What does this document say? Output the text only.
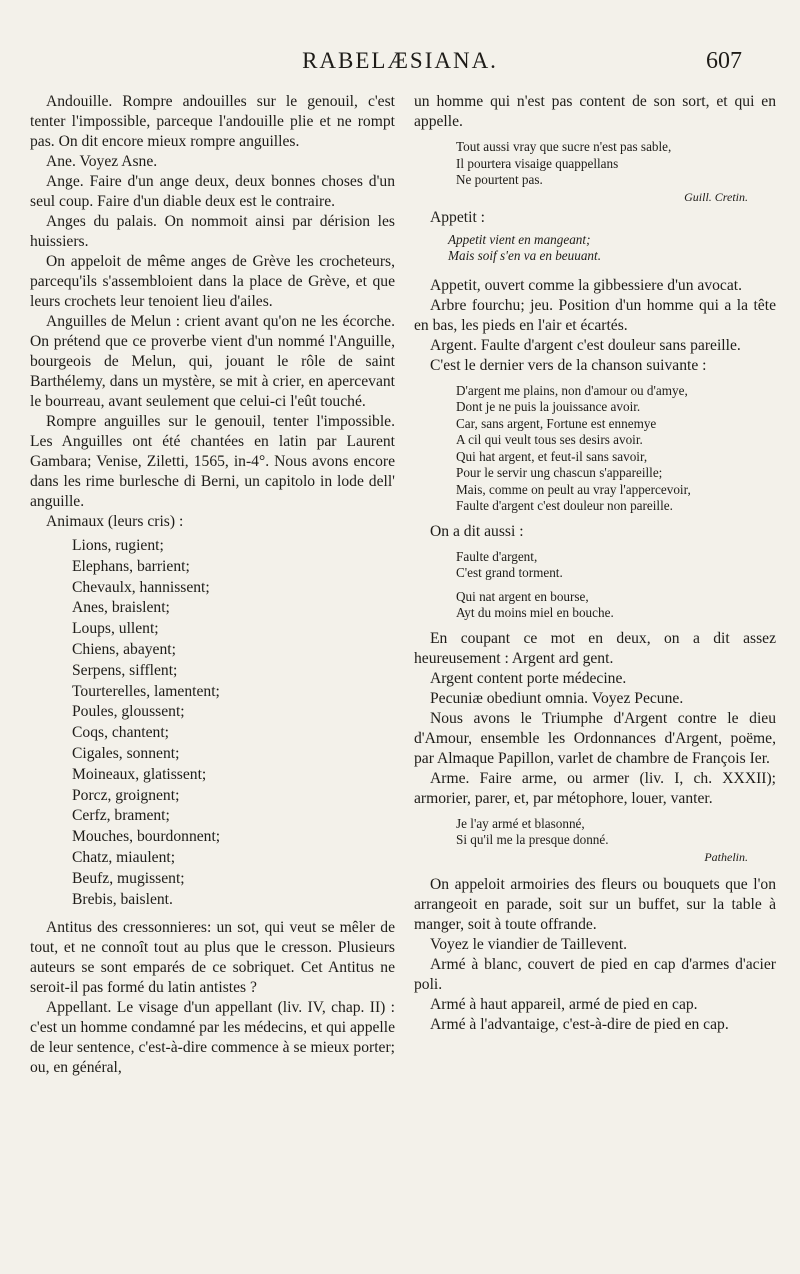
RABELÆSIANA.	607

Andouille. Rompre andouilles sur le genouil, c'est tenter l'impossible, parceque l'andouille plie et ne rompt pas. On dit encore mieux rompre anguilles.

Ane. Voyez Asne.

Ange. Faire d'un ange deux, deux bonnes choses d'un seul coup. Faire d'un diable deux est le contraire.

Anges du palais. On nommoit ainsi par dérision les huissiers.

On appeloit de même anges de Grève les crocheteurs, parcequ'ils s'assembloient dans la place de Grève, et que leurs crochets leur tenoient lieu d'ailes.

Anguilles de Melun : crient avant qu'on ne les écorche. On prétend que ce proverbe vient d'un nommé l'Anguille, bourgeois de Melun, qui, jouant le rôle de saint Barthélemy, dans un mystère, se mit à crier, en apercevant le bourreau, avant seulement que celui-ci l'eût touché.

Rompre anguilles sur le genouil, tenter l'impossible. Les Anguilles ont été chantées en latin par Laurent Gambara; Venise, Ziletti, 1565, in-4°. Nous avons encore dans les rime burlesche di Berni, un capitolo in lode dell' anguille.

Animaux (leurs cris) :

Lions, rugient;
Elephans, barrient;
Chevaulx, hannissent;
Anes, braislent;
Loups, ullent;
Chiens, abayent;
Serpens, sifflent;
Tourterelles, lamentent;
Poules, gloussent;
Coqs, chantent;
Cigales, sonnent;
Moineaux, glatissent;
Porcz, groignent;
Cerfz, brament;
Mouches, bourdonnent;
Chatz, miaulent;
Beufz, mugissent;
Brebis, baislent.

Antitus des cressonnieres: un sot, qui veut se mêler de tout, et ne connoît tout au plus que le cresson. Plusieurs auteurs se sont emparés de ce sobriquet. Cet Antitus ne seroit-il pas formé du latin antistes ?

Appellant. Le visage d'un appellant (liv. IV, chap. II) : c'est un homme condamné par les médecins, et qui appelle de leur sentence, c'est-à-dire commence à se mieux porter; ou, en général,

un homme qui n'est pas content de son sort, et qui en appelle.

Tout aussi vray que sucre n'est pas sable,
Il pourtera visaige quappellans
Ne pourtent pas.
Guill. Cretin.

Appetit :

Appetit vient en mangeant;
Mais soif s'en va en beuuant.

Appetit, ouvert comme la gibbessiere d'un avocat.

Arbre fourchu; jeu. Position d'un homme qui a la tête en bas, les pieds en l'air et écartés.

Argent. Faulte d'argent c'est douleur sans pareille.

C'est le dernier vers de la chanson suivante :

D'argent me plains, non d'amour ou d'amye,
Dont je ne puis la jouissance avoir.
Car, sans argent, Fortune est ennemye
A cil qui veult tous ses desirs avoir.
Qui hat argent, et feut-il sans savoir,
Pour le servir ung chascun s'appareille;
Mais, comme on peult au vray l'appercevoir,
Faulte d'argent c'est douleur non pareille.

On a dit aussi :

Faulte d'argent,
C'est grand torment.
Qui nat argent en bourse,
Ayt du moins miel en bouche.

En coupant ce mot en deux, on a dit assez heureusement : Argent ard gent.

Argent content porte médecine.

Pecuniæ obediunt omnia. Voyez Pecune.

Nous avons le Triumphe d'Argent contre le dieu d'Amour, ensemble les Ordonnances d'Argent, poëme, par Almaque Papillon, varlet de chambre de François Ier.

Arme. Faire arme, ou armer (liv. I, ch. XXXII); armorier, parer, et, par métophore, louer, vanter.

Je l'ay armé et blasonné,
Si qu'il me la presque donné.
Pathelin.

On appeloit armoiries des fleurs ou bouquets que l'on arrangeoit en parade, soit sur un buffet, sur la table à manger, soit à toute offrande.

Voyez le viandier de Taillevent.

Armé à blanc, couvert de pied en cap d'armes d'acier poli.

Armé à haut appareil, armé de pied en cap.

Armé à l'advantaige, c'est-à-dire de pied en cap.
